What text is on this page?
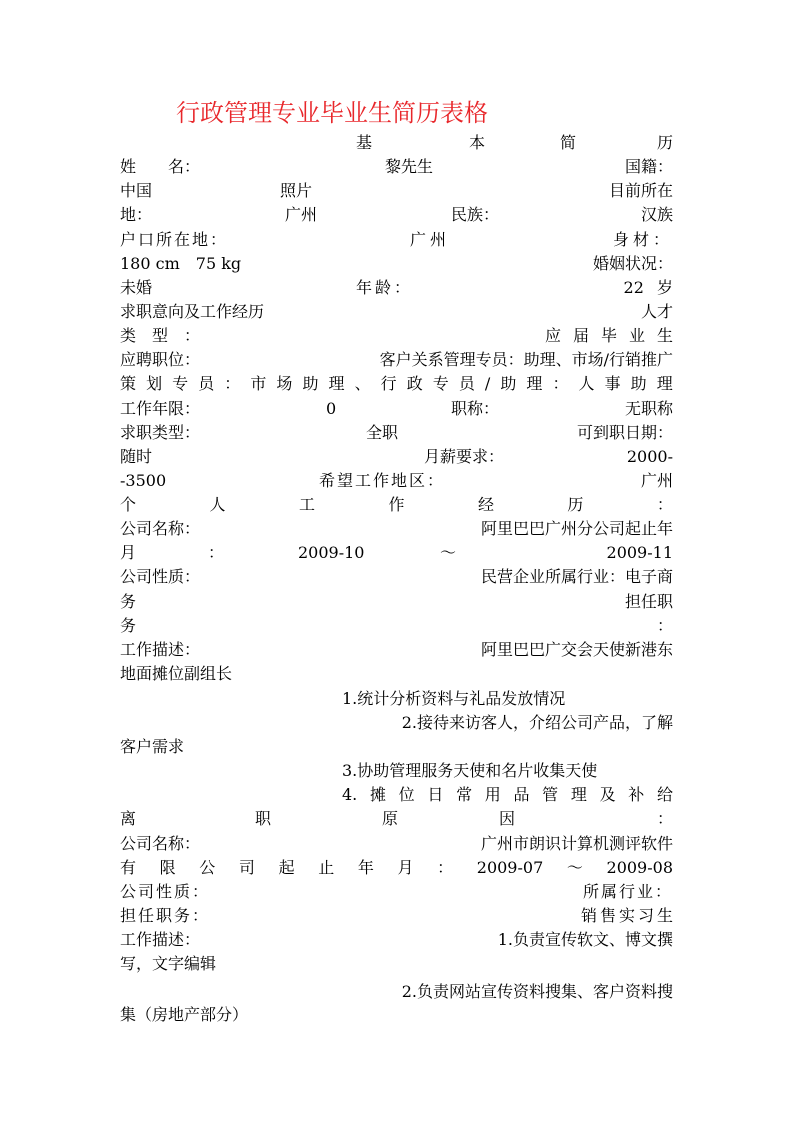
行政管理专业毕业生简历表格
基	本	简	历
姓　　名：	黎先生	国籍：
中国	照片	目前所在
地：	广州	民族：	汉族
户口所在地：	广州	身材：
180 cm　75 kg	婚姻状况：
未婚	年龄：	22 岁
求职意向及工作经历	人才
类型：	应届毕业生
应聘职位：	客户关系管理专员：助理、市场/行销推广
策 划 专 员 ： 市 场 助 理 、 行 政 专 员 / 助 理 ： 人 事 助 理
工作年限：	0	职称：	无职称
求职类型：	全职	可到职日期：
随时	月薪要求：	2000-
-3500	希望工作地区：	广州
个	人	工	作	经	历	：
公司名称：	阿里巴巴广州分公司起止年
月	：	2009-10	～	2009-11
公司性质：	民营企业所属行业：电子商
务	担任职
务	：
工作描述：	阿里巴巴广交会天使新港东
地面摊位副组长
1.统计分析资料与礼品发放情况
2.接待来访客人，介绍公司产品，了解
客户需求
3.协助管理服务天使和名片收集天使
4. 摊 位 日 常 用 品 管 理 及 补 给
离	职	原	因	：
公司名称：	广州市朗识计算机测评软件
有 限 公 司 起 止 年 月 ： 2009-07 ～ 2009-08
公司性质：	所属行业：
担任职务：	销售实习生
工作描述：	1.负责宣传软文、博文撰
写，文字编辑
2.负责网站宣传资料搜集、客户资料搜
集（房地产部分）
